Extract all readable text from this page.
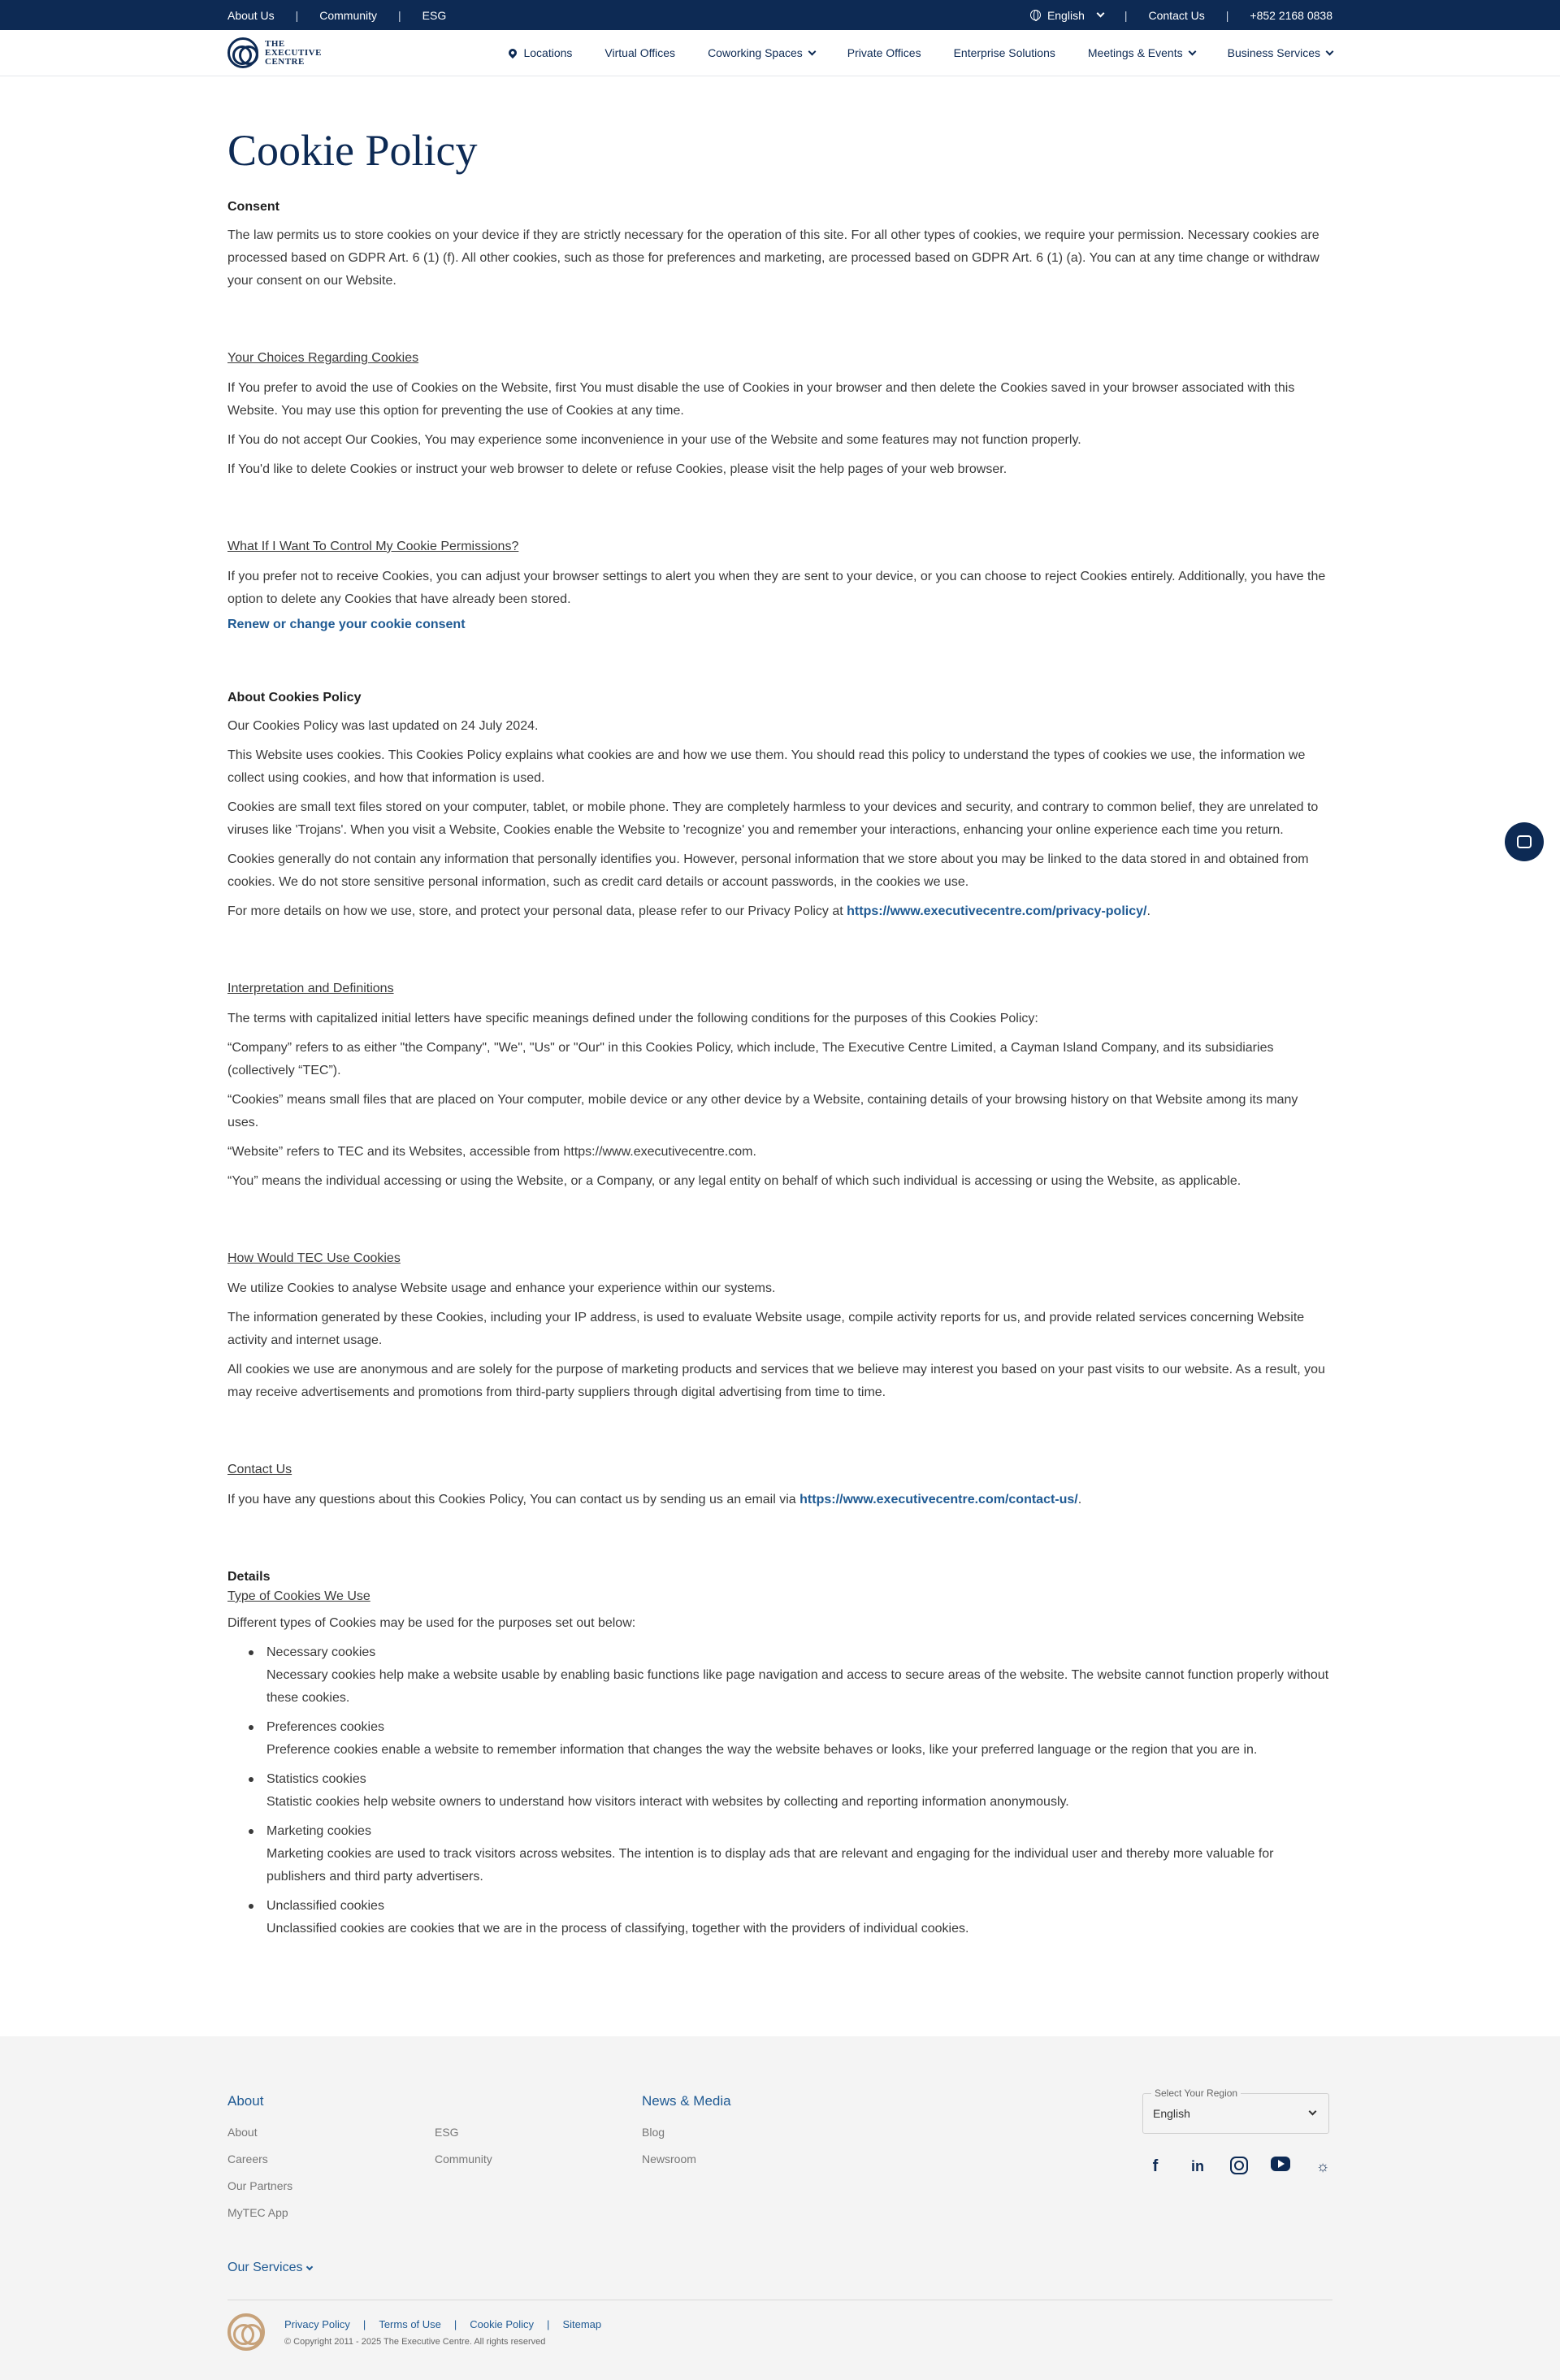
About Us | Community | ESG	English	| Contact Us | +852 2168 0838
THE
EXECUTIVE
CENTRE
Locations	Virtual Offices	Coworking Spaces	Private Offices	Enterprise Solutions	Meetings & Events	Business Services
Cookie Policy
Consent

The law permits us to store cookies on your device if they are strictly necessary for the operation of this site. For all other types of cookies, we require your permission. Necessary cookies are processed based on GDPR Art. 6 (1) (f). All other cookies, such as those for preferences and marketing, are processed based on GDPR Art. 6 (1) (a). You can at any time change or withdraw your consent on our Website.

Your Choices Regarding Cookies

If You prefer to avoid the use of Cookies on the Website, first You must disable the use of Cookies in your browser and then delete the Cookies saved in your browser associated with this Website. You may use this option for preventing the use of Cookies at any time.

If You do not accept Our Cookies, You may experience some inconvenience in your use of the Website and some features may not function properly.

If You'd like to delete Cookies or instruct your web browser to delete or refuse Cookies, please visit the help pages of your web browser.

What If I Want To Control My Cookie Permissions?

If you prefer not to receive Cookies, you can adjust your browser settings to alert you when they are sent to your device, or you can choose to reject Cookies entirely. Additionally, you have the option to delete any Cookies that have already been stored.

Renew or change your cookie consent
About Cookies Policy

Our Cookies Policy was last updated on 24 July 2024.

This Website uses cookies. This Cookies Policy explains what cookies are and how we use them. You should read this policy to understand the types of cookies we use, the information we collect using cookies, and how that information is used.

Cookies are small text files stored on your computer, tablet, or mobile phone. They are completely harmless to your devices and security, and contrary to common belief, they are unrelated to viruses like 'Trojans'. When you visit a Website, Cookies enable the Website to 'recognize' you and remember your interactions, enhancing your online experience each time you return.

Cookies generally do not contain any information that personally identifies you. However, personal information that we store about you may be linked to the data stored in and obtained from cookies. We do not store sensitive personal information, such as credit card details or account passwords, in the cookies we use.

For more details on how we use, store, and protect your personal data, please refer to our Privacy Policy at https://www.executivecentre.com/privacy-policy/.

Interpretation and Definitions

The terms with capitalized initial letters have specific meanings defined under the following conditions for the purposes of this Cookies Policy:

“Company” refers to as either "the Company", "We", "Us" or "Our" in this Cookies Policy, which include, The Executive Centre Limited, a Cayman Island Company, and its subsidiaries (collectively “TEC”).

“Cookies” means small files that are placed on Your computer, mobile device or any other device by a Website, containing details of your browsing history on that Website among its many uses.

“Website” refers to TEC and its Websites, accessible from https://www.executivecentre.com.

“You” means the individual accessing or using the Website, or a Company, or any legal entity on behalf of which such individual is accessing or using the Website, as applicable.

How Would TEC Use Cookies

We utilize Cookies to analyse Website usage and enhance your experience within our systems.

The information generated by these Cookies, including your IP address, is used to evaluate Website usage, compile activity reports for us, and provide related services concerning Website activity and internet usage.

All cookies we use are anonymous and are solely for the purpose of marketing products and services that we believe may interest you based on your past visits to our website. As a result, you may receive advertisements and promotions from third-party suppliers through digital advertising from time to time.

Contact Us

If you have any questions about this Cookies Policy, You can contact us by sending us an email via https://www.executivecentre.com/contact-us/.

Details
Type of Cookies We Use

Different types of Cookies may be used for the purposes set out below:

Necessary cookies
Necessary cookies help make a website usable by enabling basic functions like page navigation and access to secure areas of the website. The website cannot function properly without these cookies.
Preferences cookies
Preference cookies enable a website to remember information that changes the way the website behaves or looks, like your preferred language or the region that you are in.
Statistics cookies
Statistic cookies help website owners to understand how visitors interact with websites by collecting and reporting information anonymously.
Marketing cookies
Marketing cookies are used to track visitors across websites. The intention is to display ads that are relevant and engaging for the individual user and thereby more valuable for publishers and third party advertisers.
Unclassified cookies
Unclassified cookies are cookies that we are in the process of classifying, together with the providers of individual cookies.
About
About
Careers
Our Partners
MyTEC App
ESG
Community
News & Media
Blog
Newsroom
Select Your Region
English
f	in	☼
Our Services
Privacy Policy | Terms of Use | Cookie Policy | Sitemap
© Copyright 2011 - 2025 The Executive Centre. All rights reserved
